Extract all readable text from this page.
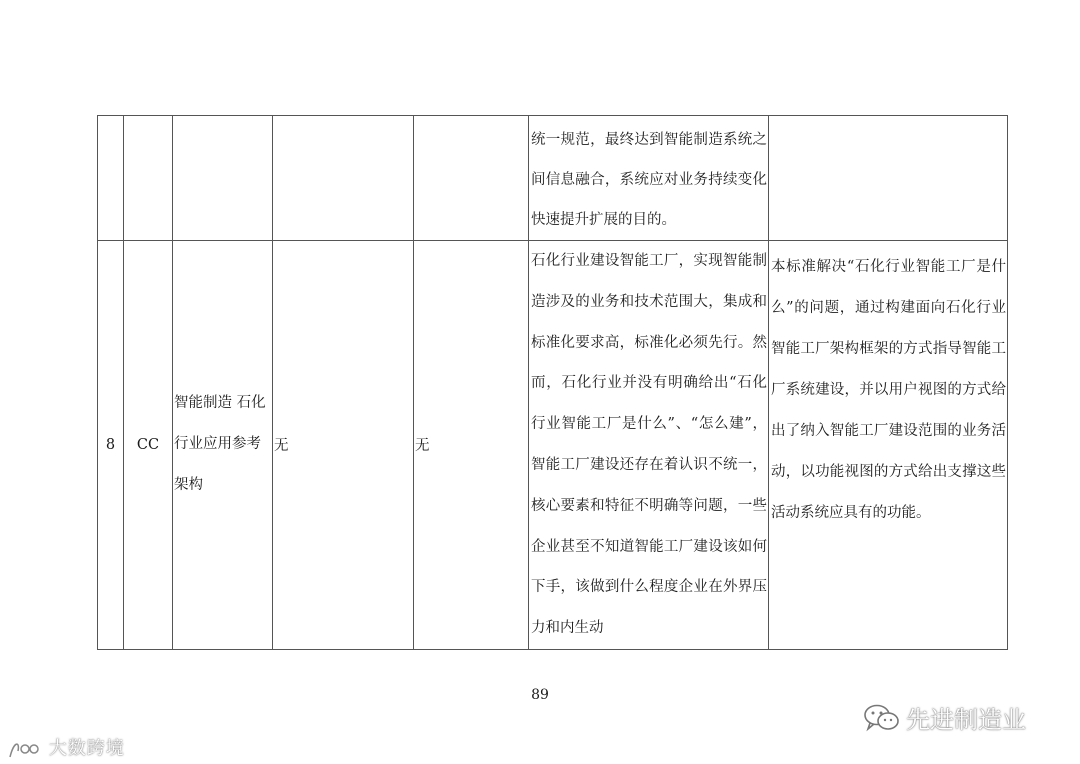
					统一规范，最终达到智能制造系统之间信息融合，系统应对业务持续变化快速提升扩展的目的。	

8	CC	智能制造 石化行业应用参考架构	无	无	石化行业建设智能工厂，实现智能制造涉及的业务和技术范围大，集成和标准化要求高，标准化必须先行。然而，石化行业并没有明确给出“石化行业智能工厂是什么”、“怎么建”，智能工厂建设还存在着认识不统一，核心要素和特征不明确等问题，一些企业甚至不知道智能工厂建设该如何下手，该做到什么程度企业在外界压力和内生动	本标准解决“石化行业智能工厂是什么”的问题，通过构建面向石化行业智能工厂架构框架的方式指导智能工厂系统建设，并以用户视图的方式给出了纳入智能工厂建设范围的业务活动，以功能视图的方式给出支撑这些活动系统应具有的功能。

89
先进制造业
大数跨境
